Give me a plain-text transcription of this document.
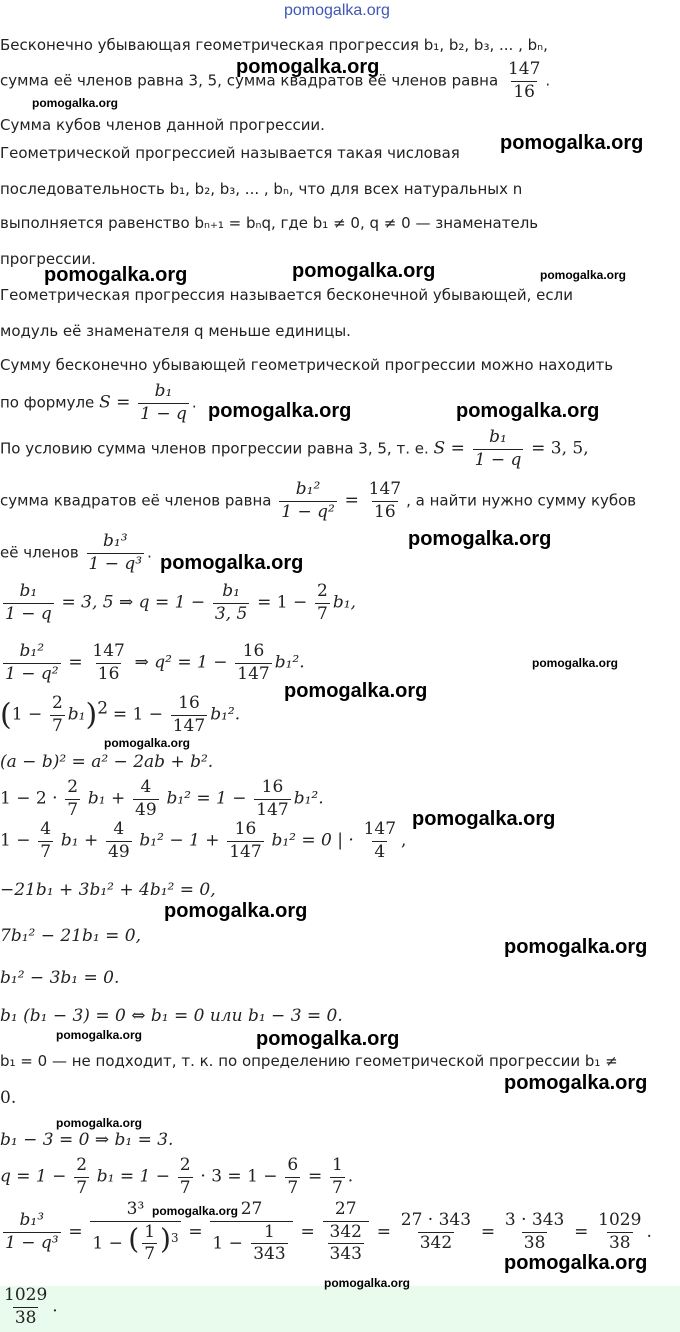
pomogalka.org
Бесконечно убывающая геометрическая прогрессия b₁, b₂, b₃, ... , bₙ,
сумма её членов равна 3, 5, сумма квадратов её членов равна $\frac{147}{16}$ .
Сумма кубов членов данной прогрессии.
Геометрической прогрессией называется такая числовая
последовательность b₁, b₂, b₃, ... , bₙ, что для всех натуральных n
выполняется равенство bₙ₊₁ = bₙq, где b₁ ≠ 0, q ≠ 0 — знаменатель
прогрессии.
Геометрическая прогрессия называется бесконечной убывающей, если
модуль её знаменателя q меньше единицы.
Сумму бесконечно убывающей геометрической прогрессии можно находить
по формуле $S = \frac{\text{b₁}}{1 - q}$ .
По условию сумма членов прогрессии равна 3, 5, т. е. $S = \frac{\text{b₁}}{1 - q} = 3$, 5,
сумма квадратов её членов равна $\frac{\text{b₁²}}{\text{1 − q²}} = \frac{147}{16}$ , а найти нужно сумму кубов
её членов $\frac{\text{b₁³}}{\text{1 − q³}}$ .
$\frac{\text{b₁}}{1 - q} = 3$, 5 ⇒ $q = 1 - \frac{\text{b₁}}{3, 5} = 1 - \frac{2}{7} b_1$,
$\frac{\text{b₁²}}{\text{1 − q²}} = \frac{147}{16}$ ⇒ $q^2 = 1 - \frac{16}{147} b_1^2$.
$(1 - \frac{2}{7} b_1)^2 = 1 - \frac{16}{147} b_1^2$.
(a − b)² = a² − 2ab + b².
$1 - 2 \cdot \frac{2}{7} b_1 + \frac{4}{49} b_1^2 = 1 - \frac{16}{147} b_1^2$.
$1 - \frac{4}{7} b_1 + \frac{4}{49} b_1^2 - 1 + \frac{16}{147} b_1^2 = 0$ | · $\frac{147}{4}$ ,
−21b₁ + 3b₁² + 4b₁² = 0,
7b₁² − 21b₁ = 0,
b₁² − 3b₁ = 0.
b₁ (b₁ − 3) = 0 ⇔ b₁ = 0 или b₁ − 3 = 0.
b₁ = 0 — не подходит, т. к. по определению геометрической прогрессии b₁ ≠
0.
b₁ − 3 = 0 ⇒ b₁ = 3.
$q = 1 - \frac{2}{7} b_1 = 1 - \frac{2}{7} \cdot 3 = 1 - \frac{6}{7} = \frac{1}{7}$ .
$\frac{\text{b₁³}}{\text{1 − q³}} = \frac{\text{3³}}{1 - ( \frac{1}{7} )^3} = \frac{27}{1 - \frac{1}{343}} = \frac{27}{\frac{342}{343}} = \frac{27 \cdot 343}{342} = \frac{3 \cdot 343}{38} = \frac{1029}{38}$ .
$\frac{1029}{38}$ .
pomogalka.org
pomogalka.org
pomogalka.org
pomogalka.org	pomogalka.org	pomogalka.org
pomogalka.org	pomogalka.org
pomogalka.org
pomogalka.org
pomogalka.org
pomogalka.org
pomogalka.org
pomogalka.org
pomogalka.org
pomogalka.org
pomogalka.org	pomogalka.org
pomogalka.org
pomogalka.org
pomogalka.org
pomogalka.org
pomogalka.org
